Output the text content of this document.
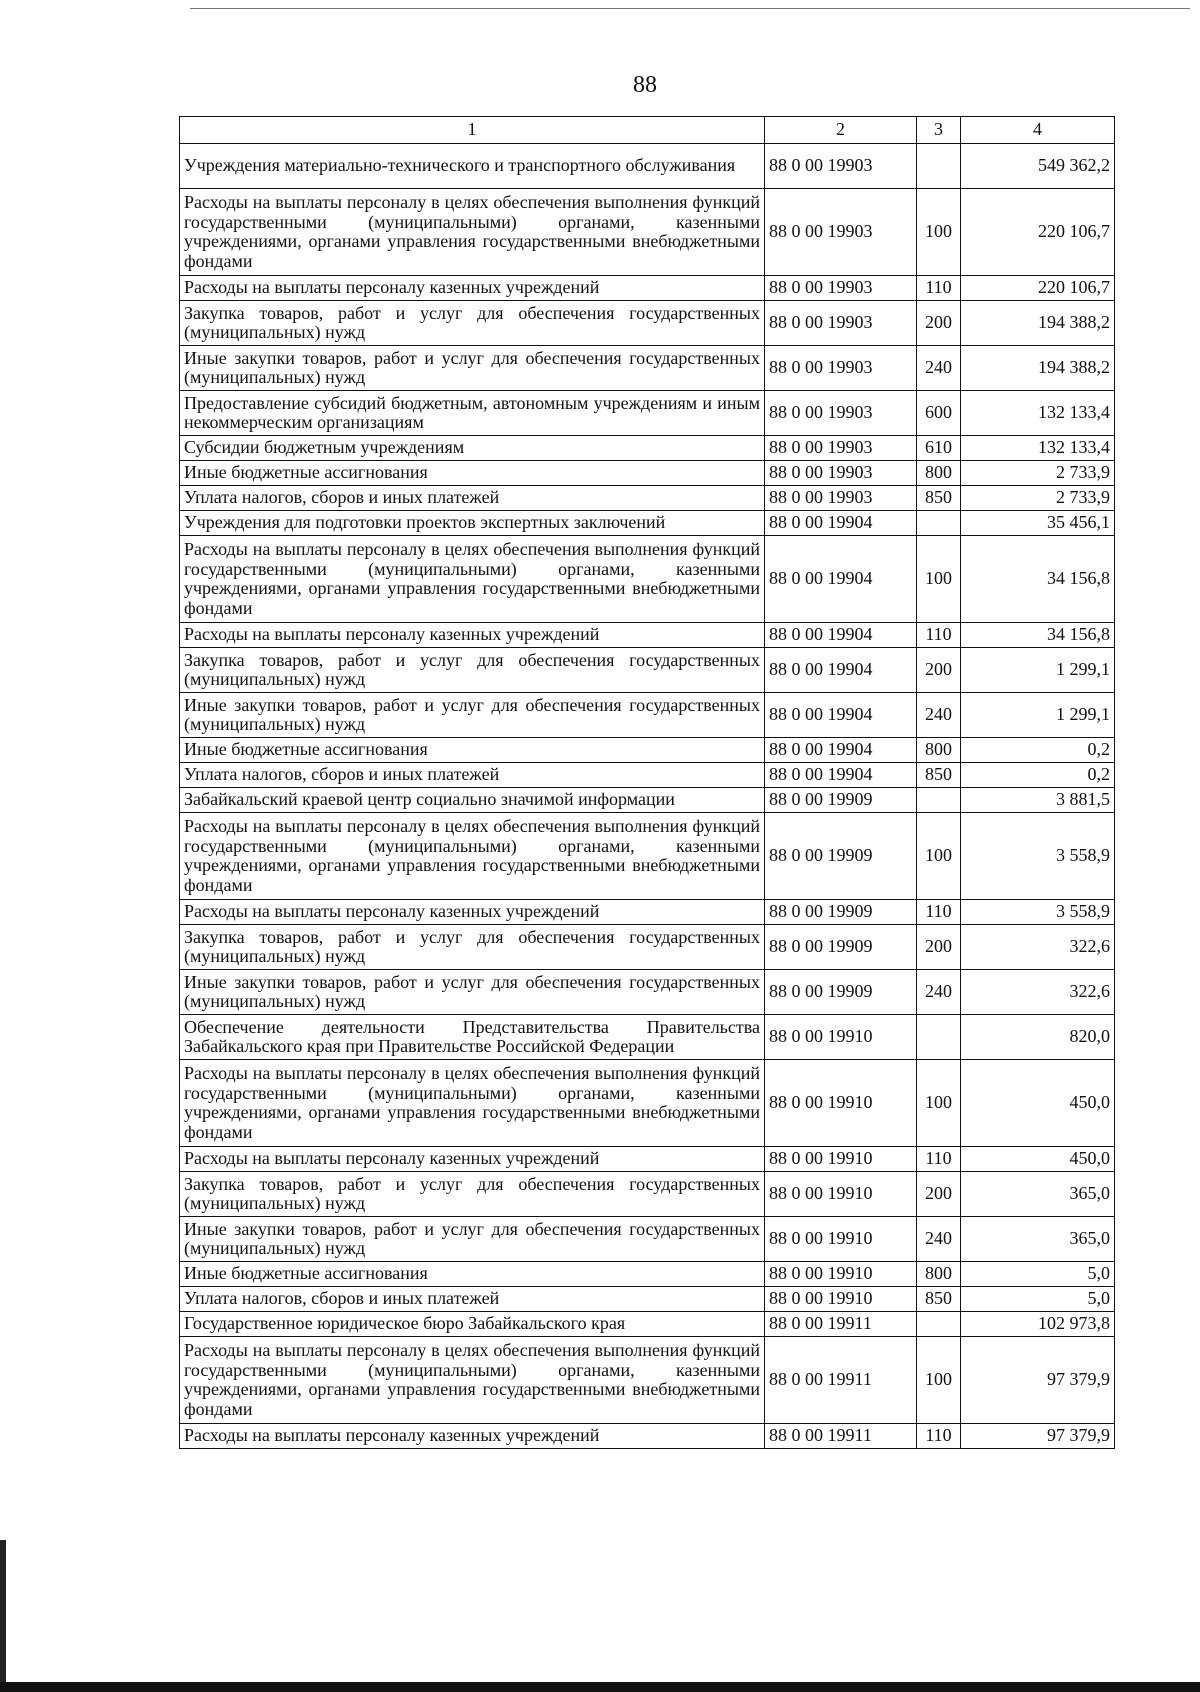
88
1	2	3	4
Учреждения материально-технического и транспортного обслуживания	88 0 00 19903		549 362,2
Расходы на выплаты персоналу в целях обеспечения выполнения функций государственными (муниципальными) органами, казенными учреждениями, органами управления государственными внебюджетными фондами	88 0 00 19903	100	220 106,7
Расходы на выплаты персоналу казенных учреждений	88 0 00 19903	110	220 106,7
Закупка товаров, работ и услуг для обеспечения государственных (муниципальных) нужд	88 0 00 19903	200	194 388,2
Иные закупки товаров, работ и услуг для обеспечения государственных (муниципальных) нужд	88 0 00 19903	240	194 388,2
Предоставление субсидий бюджетным, автономным учреждениям и иным некоммерческим организациям	88 0 00 19903	600	132 133,4
Субсидии бюджетным учреждениям	88 0 00 19903	610	132 133,4
Иные бюджетные ассигнования	88 0 00 19903	800	2 733,9
Уплата налогов, сборов и иных платежей	88 0 00 19903	850	2 733,9
Учреждения для подготовки проектов экспертных заключений	88 0 00 19904		35 456,1
Расходы на выплаты персоналу в целях обеспечения выполнения функций государственными (муниципальными) органами, казенными учреждениями, органами управления государственными внебюджетными фондами	88 0 00 19904	100	34 156,8
Расходы на выплаты персоналу казенных учреждений	88 0 00 19904	110	34 156,8
Закупка товаров, работ и услуг для обеспечения государственных (муниципальных) нужд	88 0 00 19904	200	1 299,1
Иные закупки товаров, работ и услуг для обеспечения государственных (муниципальных) нужд	88 0 00 19904	240	1 299,1
Иные бюджетные ассигнования	88 0 00 19904	800	0,2
Уплата налогов, сборов и иных платежей	88 0 00 19904	850	0,2
Забайкальский краевой центр социально значимой информации	88 0 00 19909		3 881,5
Расходы на выплаты персоналу в целях обеспечения выполнения функций государственными (муниципальными) органами, казенными учреждениями, органами управления государственными внебюджетными фондами	88 0 00 19909	100	3 558,9
Расходы на выплаты персоналу казенных учреждений	88 0 00 19909	110	3 558,9
Закупка товаров, работ и услуг для обеспечения государственных (муниципальных) нужд	88 0 00 19909	200	322,6
Иные закупки товаров, работ и услуг для обеспечения государственных (муниципальных) нужд	88 0 00 19909	240	322,6
Обеспечение деятельности Представительства Правительства Забайкальского края при Правительстве Российской Федерации	88 0 00 19910		820,0
Расходы на выплаты персоналу в целях обеспечения выполнения функций государственными (муниципальными) органами, казенными учреждениями, органами управления государственными внебюджетными фондами	88 0 00 19910	100	450,0
Расходы на выплаты персоналу казенных учреждений	88 0 00 19910	110	450,0
Закупка товаров, работ и услуг для обеспечения государственных (муниципальных) нужд	88 0 00 19910	200	365,0
Иные закупки товаров, работ и услуг для обеспечения государственных (муниципальных) нужд	88 0 00 19910	240	365,0
Иные бюджетные ассигнования	88 0 00 19910	800	5,0
Уплата налогов, сборов и иных платежей	88 0 00 19910	850	5,0
Государственное юридическое бюро Забайкальского края	88 0 00 19911		102 973,8
Расходы на выплаты персоналу в целях обеспечения выполнения функций государственными (муниципальными) органами, казенными учреждениями, органами управления государственными внебюджетными фондами	88 0 00 19911	100	97 379,9
Расходы на выплаты персоналу казенных учреждений	88 0 00 19911	110	97 379,9
